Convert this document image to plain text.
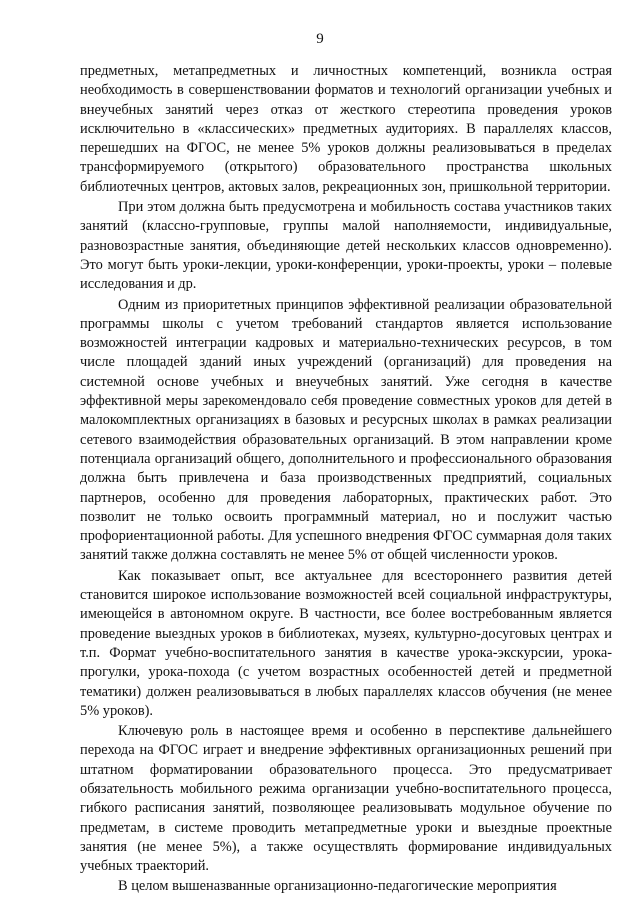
9

предметных, метапредметных и личностных компетенций, возникла острая необходимость в совершенствовании форматов и технологий организации учебных и внеучебных занятий через отказ от жесткого стереотипа проведения уроков исключительно в «классических» предметных аудиториях. В параллелях классов, перешедших на ФГОС, не менее 5% уроков должны реализовываться в пределах трансформируемого (открытого) образовательного пространства школьных библиотечных центров, актовых залов, рекреационных зон, пришкольной территории.

При этом должна быть предусмотрена и мобильность состава участников таких занятий (классно-групповые, группы малой наполняемости, индивидуальные, разновозрастные занятия, объединяющие детей нескольких классов одновременно). Это могут быть уроки-лекции, уроки-конференции, уроки-проекты, уроки – полевые исследования и др.

Одним из приоритетных принципов эффективной реализации образовательной программы школы с учетом требований стандартов является использование возможностей интеграции кадровых и материально-технических ресурсов, в том числе площадей зданий иных учреждений (организаций) для проведения на системной основе учебных и внеучебных занятий. Уже сегодня в качестве эффективной меры зарекомендовало себя проведение совместных уроков для детей в малокомплектных организациях в базовых и ресурсных школах в рамках реализации сетевого взаимодействия образовательных организаций. В этом направлении кроме потенциала организаций общего, дополнительного и профессионального образования должна быть привлечена и база производственных предприятий, социальных партнеров, особенно для проведения лабораторных, практических работ. Это позволит не только освоить программный материал, но и послужит частью профориентационной работы. Для успешного внедрения ФГОС суммарная доля таких занятий также должна составлять не менее 5% от общей численности уроков.

Как показывает опыт, все актуальнее для всестороннего развития детей становится широкое использование возможностей всей социальной инфраструктуры, имеющейся в автономном округе. В частности, все более востребованным является проведение выездных уроков в библиотеках, музеях, культурно-досуговых центрах и т.п. Формат учебно-воспитательного занятия в качестве урока-экскурсии, урока-прогулки, урока-похода (с учетом возрастных особенностей детей и предметной тематики) должен реализовываться в любых параллелях классов обучения (не менее 5% уроков).

Ключевую роль в настоящее время и особенно в перспективе дальнейшего перехода на ФГОС играет и внедрение эффективных организационных решений при штатном форматировании образовательного процесса. Это предусматривает обязательность мобильного режима организации учебно-воспитательного процесса, гибкого расписания занятий, позволяющее реализовывать модульное обучение по предметам, в системе проводить метапредметные уроки и выездные проектные занятия (не менее 5%), а также осуществлять формирование индивидуальных учебных траекторий.

В целом вышеназванные организационно-педагогические мероприятия
